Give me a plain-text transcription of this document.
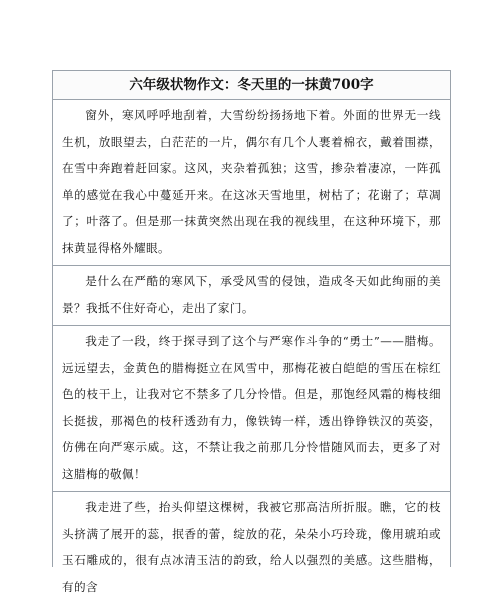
六年级状物作文：冬天里的一抹黄700字
窗外，寒风呼呼地刮着，大雪纷纷扬扬地下着。外面的世界无一线生机，放眼望去，白茫茫的一片，偶尔有几个人裹着棉衣，戴着围襟，在雪中奔跑着赶回家。这风，夹杂着孤独；这雪，掺杂着凄凉，一阵孤单的感觉在我心中蔓延开来。在这冰天雪地里，树枯了；花谢了；草凋了；叶落了。但是那一抹黄突然出现在我的视线里，在这种环境下，那抹黄显得格外耀眼。
是什么在严酷的寒风下，承受风雪的侵蚀，造成冬天如此绚丽的美景？我抵不住好奇心，走出了家门。
我走了一段，终于探寻到了这个与严寒作斗争的“勇士”——腊梅。远远望去，金黄色的腊梅挺立在风雪中，那梅花被白皑皑的雪压在棕红色的枝干上，让我对它不禁多了几分怜惜。但是，那饱经风霜的梅枝细长挺拔，那褐色的枝秆透劲有力，像铁铸一样，透出铮铮铁汉的英姿，仿佛在向严寒示威。这，不禁让我之前那几分怜惜随风而去，更多了对这腊梅的敬佩！
我走进了些，抬头仰望这棵树，我被它那高洁所折服。瞧，它的枝头挤满了展开的蕊，抿香的蕾，绽放的花，朵朵小巧玲珑，像用琥珀或玉石雕成的，很有点冰清玉洁的韵致，给人以强烈的美感。这些腊梅，有的含
